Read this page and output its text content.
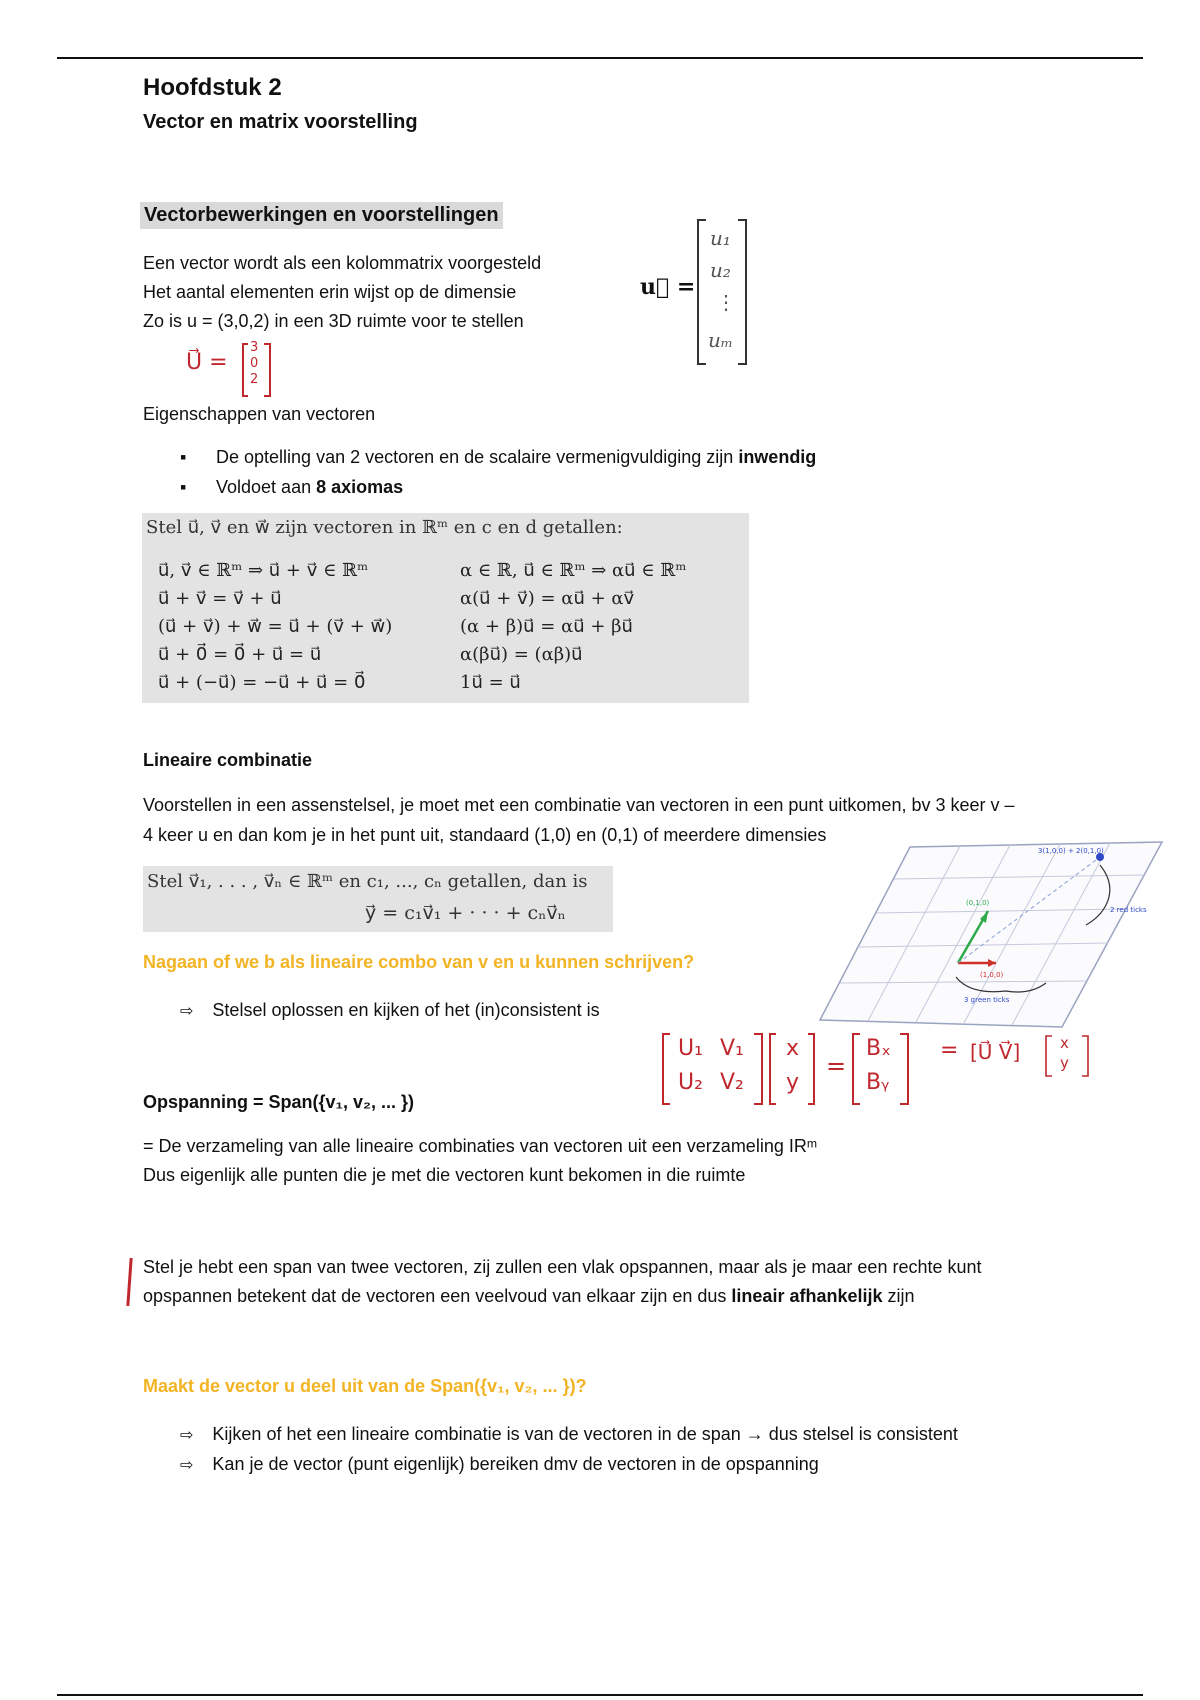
Hoofdstuk 2
Vector en matrix voorstelling
Vectorbewerkingen en voorstellingen
Een vector wordt als een kolommatrix voorgesteld
Het aantal elementen erin wijst op de dimensie
Zo is u = (3,0,2) in een 3D ruimte voor te stellen
u⃗ =
u₁
u₂
⋮
uₘ
U⃗ =
3
0
2
Eigenschappen van vectoren
▪ De optelling van 2 vectoren en de scalaire vermenigvuldiging zijn inwendig
▪ Voldoet aan 8 axiomas
Stel u⃗, v⃗ en w⃗ zijn vectoren in ℝᵐ en c en d getallen:
u⃗, v⃗ ∈ ℝᵐ ⇒ u⃗ + v⃗ ∈ ℝᵐ
u⃗ + v⃗ = v⃗ + u⃗
(u⃗ + v⃗) + w⃗ = u⃗ + (v⃗ + w⃗)
u⃗ + 0⃗ = 0⃗ + u⃗ = u⃗
u⃗ + (−u⃗) = −u⃗ + u⃗ = 0⃗
α ∈ ℝ, u⃗ ∈ ℝᵐ ⇒ αu⃗ ∈ ℝᵐ
α(u⃗ + v⃗) = αu⃗ + αv⃗
(α + β)u⃗ = αu⃗ + βu⃗
α(βu⃗) = (αβ)u⃗
1u⃗ = u⃗
Lineaire combinatie
Voorstellen in een assenstelsel, je moet met een combinatie van vectoren in een punt uitkomen, bv 3 keer v –
4 keer u en dan kom je in het punt uit, standaard (1,0) en (0,1) of meerdere dimensies
Stel v⃗₁, . . . , v⃗ₙ ∈ ℝᵐ en c₁, ..., cₙ getallen, dan is
y⃗ = c₁v⃗₁ + · · · + cₙv⃗ₙ
Nagaan of we b als lineaire combo van v en u kunnen schrijven?
⇨ Stelsel oplossen en kijken of het (in)consistent is
3(1,0,0) + 2(0,1,0)
2 red ticks
(0,1,0)
(1,0,0)
3 green ticks
U₁ V₁
U₂ V₂
x
y
=
Bₓ
Bᵧ
= [U⃗ V⃗]	x
y
Opspanning = Span({v₁, v₂, ... })
= De verzameling van alle lineaire combinaties van vectoren uit een verzameling IRᵐ
Dus eigenlijk alle punten die je met die vectoren kunt bekomen in die ruimte
Stel je hebt een span van twee vectoren, zij zullen een vlak opspannen, maar als je maar een rechte kunt
opspannen betekent dat de vectoren een veelvoud van elkaar zijn en dus lineair afhankelijk zijn
Maakt de vector u deel uit van de Span({v₁, v₂, ... })?
⇨ Kijken of het een lineaire combinatie is van de vectoren in de span → dus stelsel is consistent
⇨ Kan je de vector (punt eigenlijk) bereiken dmv de vectoren in de opspanning
